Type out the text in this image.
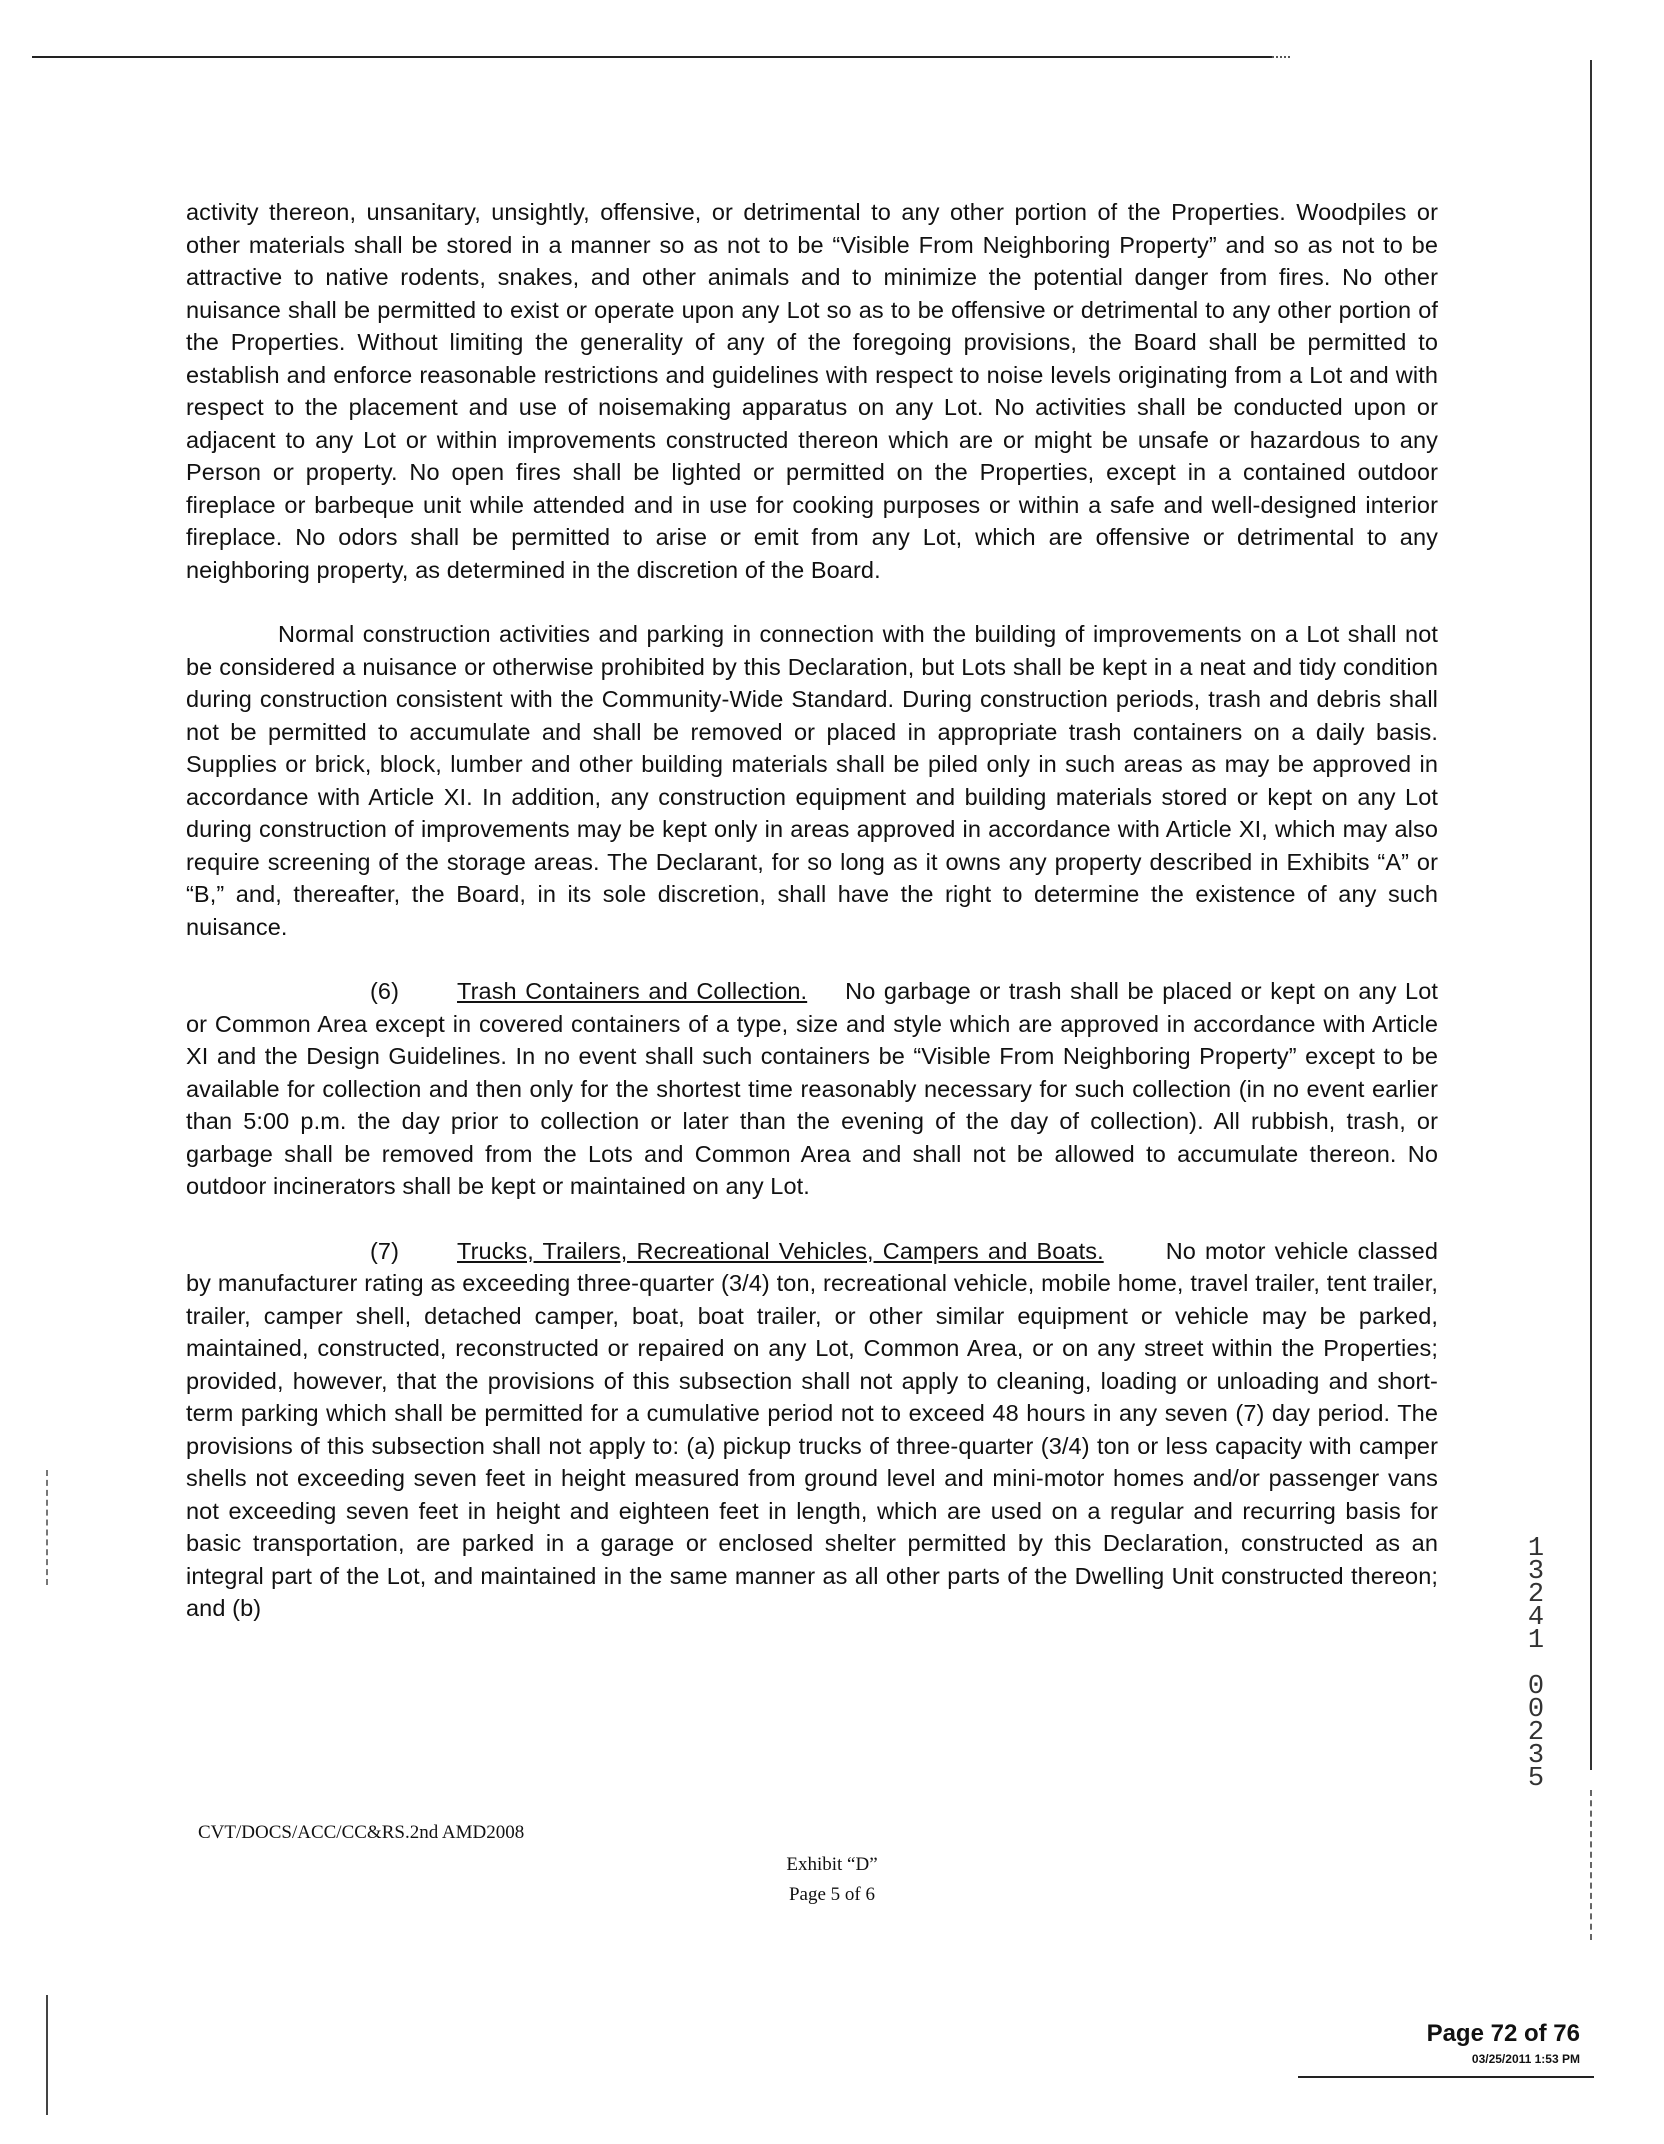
activity thereon, unsanitary, unsightly, offensive, or detrimental to any other portion of the Properties. Woodpiles or other materials shall be stored in a manner so as not to be “Visible From Neighboring Property” and so as not to be attractive to native rodents, snakes, and other animals and to minimize the potential danger from fires. No other nuisance shall be permitted to exist or operate upon any Lot so as to be offensive or detrimental to any other portion of the Properties. Without limiting the generality of any of the foregoing provisions, the Board shall be permitted to establish and enforce reasonable restrictions and guidelines with respect to noise levels originating from a Lot and with respect to the placement and use of noisemaking apparatus on any Lot. No activities shall be conducted upon or adjacent to any Lot or within improvements constructed thereon which are or might be unsafe or hazardous to any Person or property. No open fires shall be lighted or permitted on the Properties, except in a contained outdoor fireplace or barbeque unit while attended and in use for cooking purposes or within a safe and well-designed interior fireplace. No odors shall be permitted to arise or emit from any Lot, which are offensive or detrimental to any neighboring property, as determined in the discretion of the Board.

Normal construction activities and parking in connection with the building of improvements on a Lot shall not be considered a nuisance or otherwise prohibited by this Declaration, but Lots shall be kept in a neat and tidy condition during construction consistent with the Community-Wide Standard. During construction periods, trash and debris shall not be permitted to accumulate and shall be removed or placed in appropriate trash containers on a daily basis. Supplies or brick, block, lumber and other building materials shall be piled only in such areas as may be approved in accordance with Article XI. In addition, any construction equipment and building materials stored or kept on any Lot during construction of improvements may be kept only in areas approved in accordance with Article XI, which may also require screening of the storage areas. The Declarant, for so long as it owns any property described in Exhibits “A” or “B,” and, thereafter, the Board, in its sole discretion, shall have the right to determine the existence of any such nuisance.

(6) Trash Containers and Collection. No garbage or trash shall be placed or kept on any Lot or Common Area except in covered containers of a type, size and style which are approved in accordance with Article XI and the Design Guidelines. In no event shall such containers be “Visible From Neighboring Property” except to be available for collection and then only for the shortest time reasonably necessary for such collection (in no event earlier than 5:00 p.m. the day prior to collection or later than the evening of the day of collection). All rubbish, trash, or garbage shall be removed from the Lots and Common Area and shall not be allowed to accumulate thereon. No outdoor incinerators shall be kept or maintained on any Lot.

(7) Trucks, Trailers, Recreational Vehicles, Campers and Boats.	No motor vehicle classed by manufacturer rating as exceeding three-quarter (3/4) ton, recreational vehicle, mobile home, travel trailer, tent trailer, trailer, camper shell, detached camper, boat, boat trailer, or other similar equipment or vehicle may be parked, maintained, constructed, reconstructed or repaired on any Lot, Common Area, or on any street within the Properties; provided, however, that the provisions of this subsection shall not apply to cleaning, loading or unloading and short-term parking which shall be permitted for a cumulative period not to exceed 48 hours in any seven (7) day period. The provisions of this subsection shall not apply to: (a) pickup trucks of three-quarter (3/4) ton or less capacity with camper shells not exceeding seven feet in height measured from ground level and mini-motor homes and/or passenger vans not exceeding seven feet in height and eighteen feet in length, which are used on a regular and recurring basis for basic transportation, are parked in a garage or enclosed shelter permitted by this Declaration, constructed as an integral part of the Lot, and maintained in the same manner as all other parts of the Dwelling Unit constructed thereon; and (b)

CVT/DOCS/ACC/CC&RS.2nd AMD2008
Exhibit “D”
Page 5 of 6
1
3
2
4
1

0
0
2
3
5
Page 72 of 76
03/25/2011 1:53 PM
